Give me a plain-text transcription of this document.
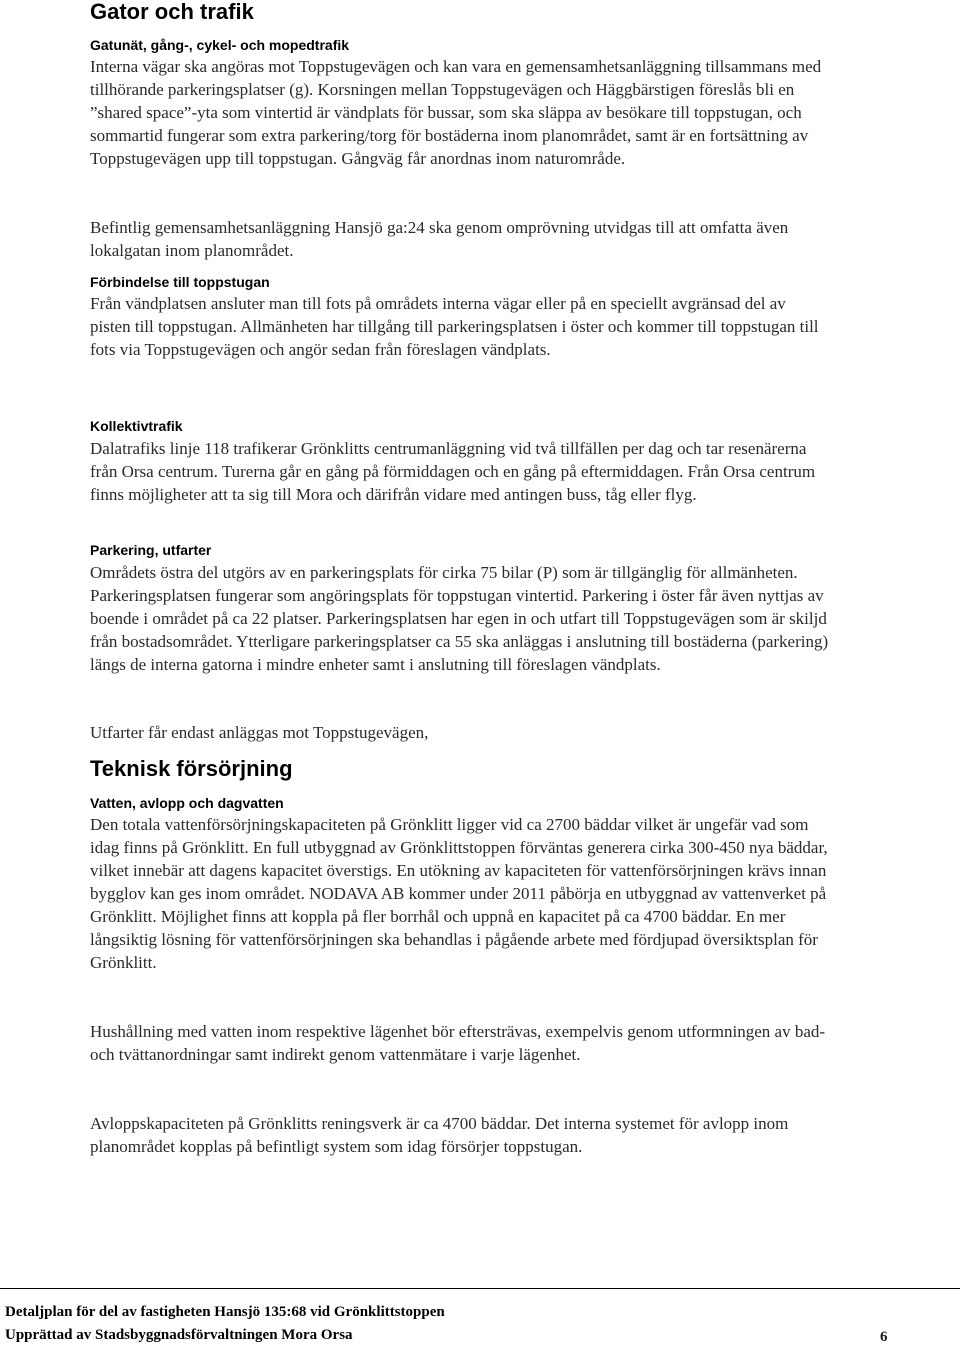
Gator och trafik
Gatunät, gång-, cykel- och mopedtrafik

Interna vägar ska angöras mot Toppstugevägen och kan vara en gemensamhetsanläggning tillsammans med tillhörande parkeringsplatser (g). Korsningen mellan Toppstugevägen och Häggbärstigen föreslås bli en ”shared space”-yta som vintertid är vändplats för bussar, som ska släppa av besökare till toppstugan, och sommartid fungerar som extra parkering/torg för bostäderna inom planområdet, samt är en fortsättning av Toppstugevägen upp till toppstugan. Gångväg får anordnas inom naturområde.

Befintlig gemensamhetsanläggning Hansjö ga:24 ska genom omprövning utvidgas till att omfatta även lokalgatan inom planområdet.

Förbindelse till toppstugan

Från vändplatsen ansluter man till fots på områdets interna vägar eller på en speciellt avgränsad del av pisten till toppstugan. Allmänheten har tillgång till parkeringsplatsen i öster och kommer till toppstugan till fots via Toppstugevägen och angör sedan från föreslagen vändplats.

Kollektivtrafik

Dalatrafiks linje 118 trafikerar Grönklitts centrumanläggning vid två tillfällen per dag och tar resenärerna från Orsa centrum. Turerna går en gång på förmiddagen och en gång på eftermiddagen. Från Orsa centrum finns möjligheter att ta sig till Mora och därifrån vidare med antingen buss, tåg eller flyg.

Parkering, utfarter

Områdets östra del utgörs av en parkeringsplats för cirka 75 bilar (P) som är tillgänglig för allmänheten. Parkeringsplatsen fungerar som angöringsplats för toppstugan vintertid. Parkering i öster får även nyttjas av boende i området på ca 22 platser. Parkeringsplatsen har egen in och utfart till Toppstugevägen som är skiljd från bostadsområdet. Ytterligare parkeringsplatser ca 55 ska anläggas i anslutning till bostäderna (parkering) längs de interna gatorna i mindre enheter samt i anslutning till föreslagen vändplats.

Utfarter får endast anläggas mot Toppstugevägen,

Teknisk försörjning
Vatten, avlopp och dagvatten

Den totala vattenförsörjningskapaciteten på Grönklitt ligger vid ca 2700 bäddar vilket är ungefär vad som idag finns på Grönklitt. En full utbyggnad av Grönklittstoppen förväntas generera cirka 300-450 nya bäddar, vilket innebär att dagens kapacitet överstigs. En utökning av kapaciteten för vattenförsörjningen krävs innan bygglov kan ges inom området. NODAVA AB kommer under 2011 påbörja en utbyggnad av vattenverket på Grönklitt. Möjlighet finns att koppla på fler borrhål och uppnå en kapacitet på ca 4700 bäddar. En mer långsiktig lösning för vattenförsörjningen ska behandlas i pågående arbete med fördjupad översiktsplan för Grönklitt.

Hushållning med vatten inom respektive lägenhet bör eftersträvas, exempelvis genom utformningen av bad- och tvättanordningar samt indirekt genom vattenmätare i varje lägenhet.

Avloppskapaciteten på Grönklitts reningsverk är ca 4700 bäddar. Det interna systemet för avlopp inom planområdet kopplas på befintligt system som idag försörjer toppstugan.

Detaljplan för del av fastigheten Hansjö 135:68 vid Grönklittstoppen
Upprättad av Stadsbyggnadsförvaltningen Mora Orsa	6
